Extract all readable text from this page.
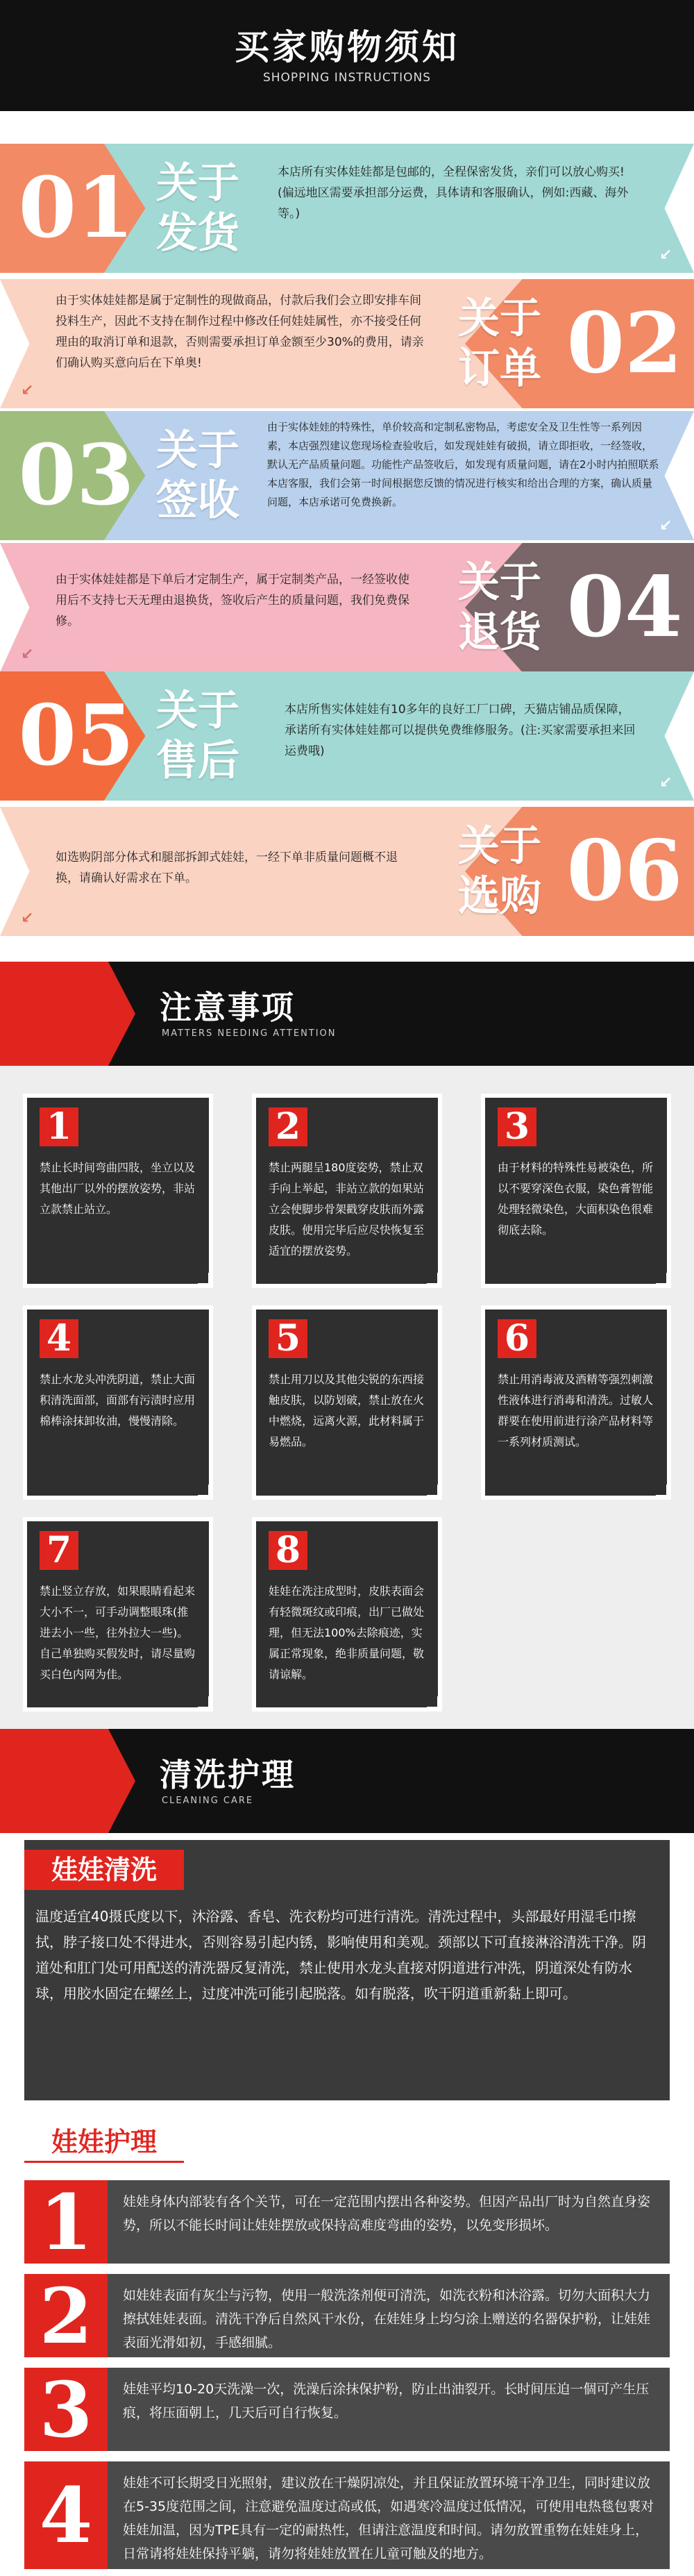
买家购物须知
SHOPPING INSTRUCTIONS
01 关于
发货
本店所有实体娃娃都是包邮的，全程保密发货，亲们可以放心购买!(偏远地区需要承担部分运费，具体请和客服确认，例如:西藏、海外等。)
↙
由于实体娃娃都是属于定制性的现做商品，付款后我们会立即安排车间投料生产，因此不支持在制作过程中修改任何娃娃属性，亦不接受任何理由的取消订单和退款，否则需要承担订单金额至少30%的费用，请亲们确认购买意向后在下单奥!
关于
订单 02
↙
03 关于
签收
由于实体娃娃的特殊性，单价较高和定制私密物品，考虑安全及卫生性等一系列因素，本店强烈建议您现场检查验收后，如发现娃娃有破损，请立即拒收，一经签收，默认无产品质量问题。功能性产品签收后，如发现有质量问题，请在2小时内拍照联系本店客服，我们会第一时间根据您反馈的情况进行核实和给出合理的方案，确认质量问题，本店承诺可免费换新。
↙
由于实体娃娃都是下单后才定制生产，属于定制类产品，一经签收使用后不支持七天无理由退换货，签收后产生的质量问题，我们免费保修。
关于
退货 04
↙
05 关于
售后
本店所售实体娃娃有10多年的良好工厂口碑，天猫店铺品质保障，承诺所有实体娃娃都可以提供免费维修服务。(注:买家需要承担来回运费哦)
↙
如选购阴部分体式和腿部拆卸式娃娃，一经下单非质量问题概不退换，请确认好需求在下单。
关于
选购 06
↙
注意事项
MATTERS NEEDING ATTENTION
1
禁止长时间弯曲四肢，坐立以及其他出厂以外的摆放姿势，非站立款禁止站立。
2
禁止两腿呈180度姿势，禁止双手向上举起，非站立款的如果站立会使脚步骨架戳穿皮肤而外露皮肤。使用完毕后应尽快恢复至适宜的摆放姿势。
3
由于材料的特殊性易被染色，所以不要穿深色衣服，染色膏智能处理轻微染色，大面积染色很难彻底去除。
4
禁止水龙头冲洗阴道，禁止大面积清洗面部，面部有污渍时应用棉棒涂抹卸妆油，慢慢清除。
5
禁止用刀以及其他尖锐的东西接触皮肤，以防划破，禁止放在火中燃烧，远离火源，此材料属于易燃品。
6
禁止用消毒液及酒精等强烈刺激性液体进行消毒和清洗。过敏人群要在使用前进行涂产品材料等一系列材质测试。
7
禁止竖立存放，如果眼睛看起来大小不一，可手动调整眼珠(推进去小一些，往外拉大一些)。自己单独购买假发时，请尽量购买白色内网为佳。
8
娃娃在洗注成型时，皮肤表面会有轻微斑纹或印痕，出厂已做处理，但无法100%去除痕迹，实属正常现象，绝非质量问题，敬请谅解。
清洗护理
CLEANING CARE
娃娃清洗
温度适宜40摄氏度以下，沐浴露、香皂、洗衣粉均可进行清洗。清洗过程中，头部最好用湿毛巾擦拭，脖子接口处不得进水，否则容易引起内锈，影响使用和美观。颈部以下可直接淋浴清洗干净。阴道处和肛门处可用配送的清洗器反复清洗，禁止使用水龙头直接对阴道进行冲洗，阴道深处有防水球，用胶水固定在螺丝上，过度冲洗可能引起脱落。如有脱落，吹干阴道重新黏上即可。
娃娃护理
1	娃娃身体内部装有各个关节，可在一定范围内摆出各种姿势。但因产品出厂时为自然直身姿势，所以不能长时间让娃娃摆放或保持高难度弯曲的姿势，以免变形损坏。
2	如娃娃表面有灰尘与污物，使用一般洗涤剂便可清洗，如洗衣粉和沐浴露。切勿大面积大力擦拭娃娃表面。清洗干净后自然风干水份，在娃娃身上均匀涂上赠送的名器保护粉，让娃娃表面光滑如初，手感细腻。
3	娃娃平均10-20天洗澡一次，洗澡后涂抹保护粉，防止出油裂开。长时间压迫一個可产生压痕，将压面朝上，几天后可自行恢复。
4	娃娃不可长期受日光照射，建议放在干燥阴凉处，并且保证放置环境干净卫生，同时建议放在5-35度范围之间，注意避免温度过高或低，如遇寒冷温度过低情况，可使用电热毯包裹对娃娃加温，因为TPE具有一定的耐热性，但请注意温度和时间。请勿放置重物在娃娃身上，日常请将娃娃保持平躺，请勿将娃娃放置在儿童可触及的地方。
